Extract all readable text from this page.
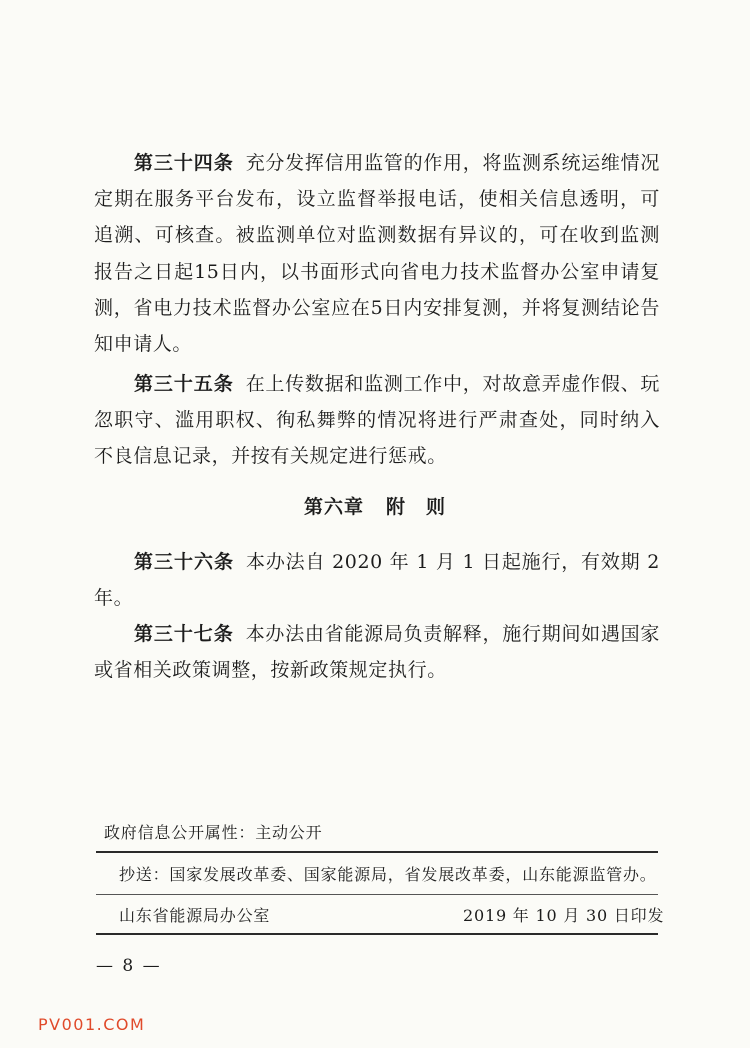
第三十四条 充分发挥信用监管的作用，将监测系统运维情况定期在服务平台发布，设立监督举报电话，使相关信息透明，可追溯、可核查。被监测单位对监测数据有异议的，可在收到监测报告之日起15日内，以书面形式向省电力技术监督办公室申请复测，省电力技术监督办公室应在5日内安排复测，并将复测结论告知申请人。

第三十五条 在上传数据和监测工作中，对故意弄虚作假、玩忽职守、滥用职权、徇私舞弊的情况将进行严肃查处，同时纳入不良信息记录，并按有关规定进行惩戒。

第六章 附　则

第三十六条 本办法自 2020 年 1 月 1 日起施行，有效期 2 年。

第三十七条 本办法由省能源局负责解释，施行期间如遇国家或省相关政策调整，按新政策规定执行。

政府信息公开属性：主动公开

抄送：国家发展改革委、国家能源局，省发展改革委，山东能源监管办。

山东省能源局办公室	2019 年 10 月 30 日印发

— 8 —

PV001.COM
